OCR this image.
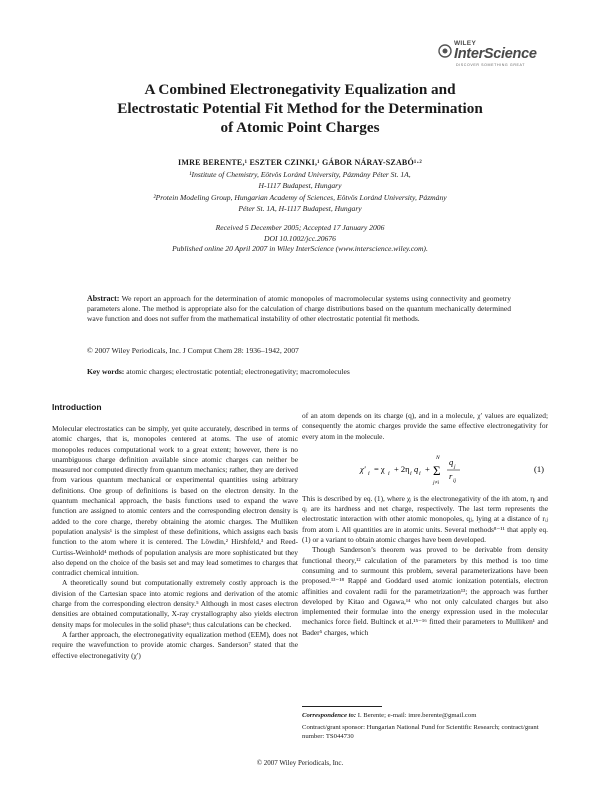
WILEY
InterScience
DISCOVER SOMETHING GREAT
A Combined Electronegativity Equalization and
Electrostatic Potential Fit Method for the Determination
of Atomic Point Charges
IMRE BERENTE,¹ ESZTER CZINKI,¹ GÁBOR NÁRAY-SZABÓ¹·²
¹Institute of Chemistry, Eötvös Loránd University, Pázmány Péter St. 1A,
H-1117 Budapest, Hungary
²Protein Modeling Group, Hungarian Academy of Sciences, Eötvös Loránd University, Pázmány
Péter St. 1A, H-1117 Budapest, Hungary
Received 5 December 2005; Accepted 17 January 2006
DOI 10.1002/jcc.20676
Published online 20 April 2007 in Wiley InterScience (www.interscience.wiley.com).
Abstract: We report an approach for the determination of atomic monopoles of macromolecular systems using connectivity and geometry parameters alone. The method is appropriate also for the calculation of charge distributions based on the quantum mechanically determined wave function and does not suffer from the mathematical instability of other electrostatic potential fit methods.
© 2007 Wiley Periodicals, Inc. J Comput Chem 28: 1936–1942, 2007
Key words: atomic charges; electrostatic potential; electronegativity; macromolecules
Introduction

Molecular electrostatics can be simply, yet quite accurately, described in terms of atomic charges, that is, monopoles centered at atoms. The use of atomic monopoles reduces computational work to a great extent; however, there is no unambiguous charge definition available since atomic charges can neither be measured nor computed directly from quantum mechanics; rather, they are derived from various quantum mechanical or experimental quantities using arbitrary definitions. One group of definitions is based on the electron density. In the quantum mechanical approach, the basis functions used to expand the wave function are assigned to atomic centers and the corresponding electron density is added to the core charge, thereby obtaining the atomic charges. The Mulliken population analysis¹ is the simplest of these definitions, which assigns each basis function to the atom where it is centered. The Löwdin,² Hirshfeld,³ and Reed-Curtiss-Weinhold⁴ methods of population analysis are more sophisticated but they also depend on the choice of the basis set and may lead sometimes to charges that contradict chemical intuition.

A theoretically sound but computationally extremely costly approach is the division of the Cartesian space into atomic regions and derivation of the atomic charge from the corresponding electron density.⁵ Although in most cases electron densities are obtained computationally, X-ray crystallography also yields electron density maps for molecules in the solid phase⁶; thus calculations can be checked.

A farther approach, the electronegativity equalization method (EEM), does not require the wavefunction to provide atomic charges. Sanderson⁷ stated that the effective electronegativity (χ′)

of an atom depends on its charge (q), and in a molecule, χ′ values are equalized; consequently the atomic charges provide the same effective electronegativity for every atom in the molecule.

χ′ i = χ i + 2η i q i +
N
Σ
j≠i
q j
r ij
(1)

This is described by eq. (1), where χᵢ is the electronegativity of the ith atom, ηᵢ and qᵢ are its hardness and net charge, respectively. The last term represents the electrostatic interaction with other atomic monopoles, qⱼ, lying at a distance of rᵢⱼ from atom i. All quantities are in atomic units. Several methods⁸⁻¹¹ that apply eq. (1) or a variant to obtain atomic charges have been developed.

Though Sanderson’s theorem was proved to be derivable from density functional theory,¹² calculation of the parameters by this method is too time consuming and to surmount this problem, several parameterizations have been proposed.¹³⁻¹⁸ Rappé and Goddard used atomic ionization potentials, electron affinities and covalent radii for the parametrization¹³; the approach was further developed by Kitao and Ogawa,¹⁴ who not only calculated charges but also implemented their formulae into the energy expression used in the molecular mechanics force field. Bultinck et al.¹⁵⁻¹⁶ fitted their parameters to Mulliken¹ and Bader⁵ charges, which

Correspondence to: I. Berente; e-mail: imre.berente@gmail.com
Contract/grant sponsor: Hungarian National Fund for Scientific Research; contract/grant number: TS044730
© 2007 Wiley Periodicals, Inc.
